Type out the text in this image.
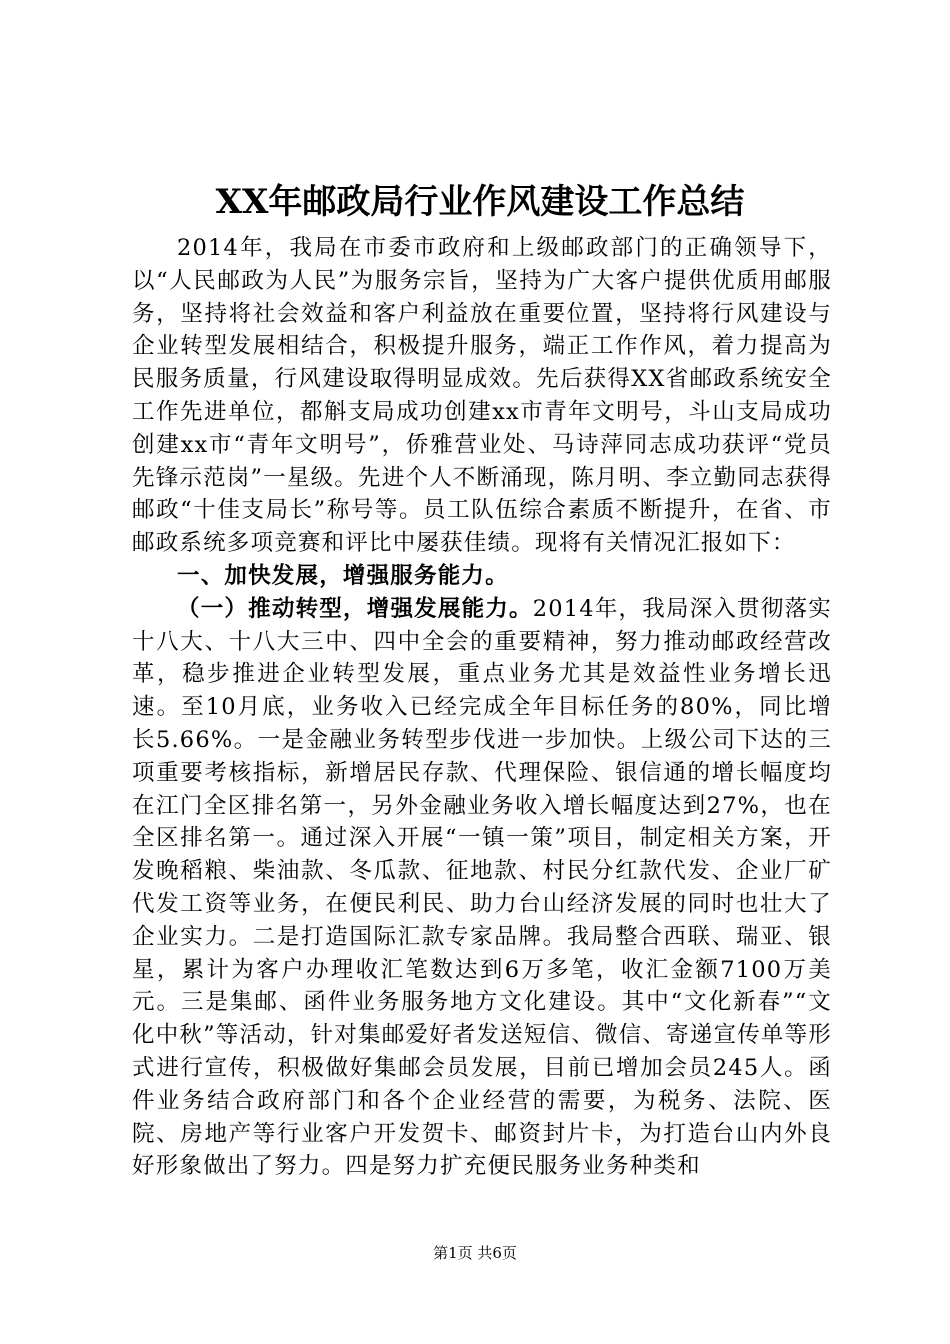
XX年邮政局行业作风建设工作总结

2014年，我局在市委市政府和上级邮政部门的正确领导下，以“人民邮政为人民”为服务宗旨，坚持为广大客户提供优质用邮服务，坚持将社会效益和客户利益放在重要位置，坚持将行风建设与企业转型发展相结合，积极提升服务，端正工作作风，着力提高为民服务质量，行风建设取得明显成效。先后获得XX省邮政系统安全工作先进单位，都斛支局成功创建xx市青年文明号，斗山支局成功创建xx市“青年文明号”，侨雅营业处、马诗萍同志成功获评“党员先锋示范岗”一星级。先进个人不断涌现，陈月明、李立勤同志获得邮政“十佳支局长”称号等。员工队伍综合素质不断提升，在省、市邮政系统多项竞赛和评比中屡获佳绩。现将有关情况汇报如下：

一、加快发展，增强服务能力。

（一）推动转型，增强发展能力。2014年，我局深入贯彻落实十八大、十八大三中、四中全会的重要精神，努力推动邮政经营改革，稳步推进企业转型发展，重点业务尤其是效益性业务增长迅速。至10月底，业务收入已经完成全年目标任务的80%，同比增长5.66%。一是金融业务转型步伐进一步加快。上级公司下达的三项重要考核指标，新增居民存款、代理保险、银信通的增长幅度均在江门全区排名第一，另外金融业务收入增长幅度达到27%，也在全区排名第一。通过深入开展“一镇一策”项目，制定相关方案，开发晚稻粮、柴油款、冬瓜款、征地款、村民分红款代发、企业厂矿代发工资等业务，在便民利民、助力台山经济发展的同时也壮大了企业实力。二是打造国际汇款专家品牌。我局整合西联、瑞亚、银星，累计为客户办理收汇笔数达到6万多笔，收汇金额7100万美元。三是集邮、函件业务服务地方文化建设。其中“文化新春”“文化中秋”等活动，针对集邮爱好者发送短信、微信、寄递宣传单等形式进行宣传，积极做好集邮会员发展，目前已增加会员245人。函件业务结合政府部门和各个企业经营的需要，为税务、法院、医院、房地产等行业客户开发贺卡、邮资封片卡，为打造台山内外良好形象做出了努力。四是努力扩充便民服务业务种类和

第1页 共6页
